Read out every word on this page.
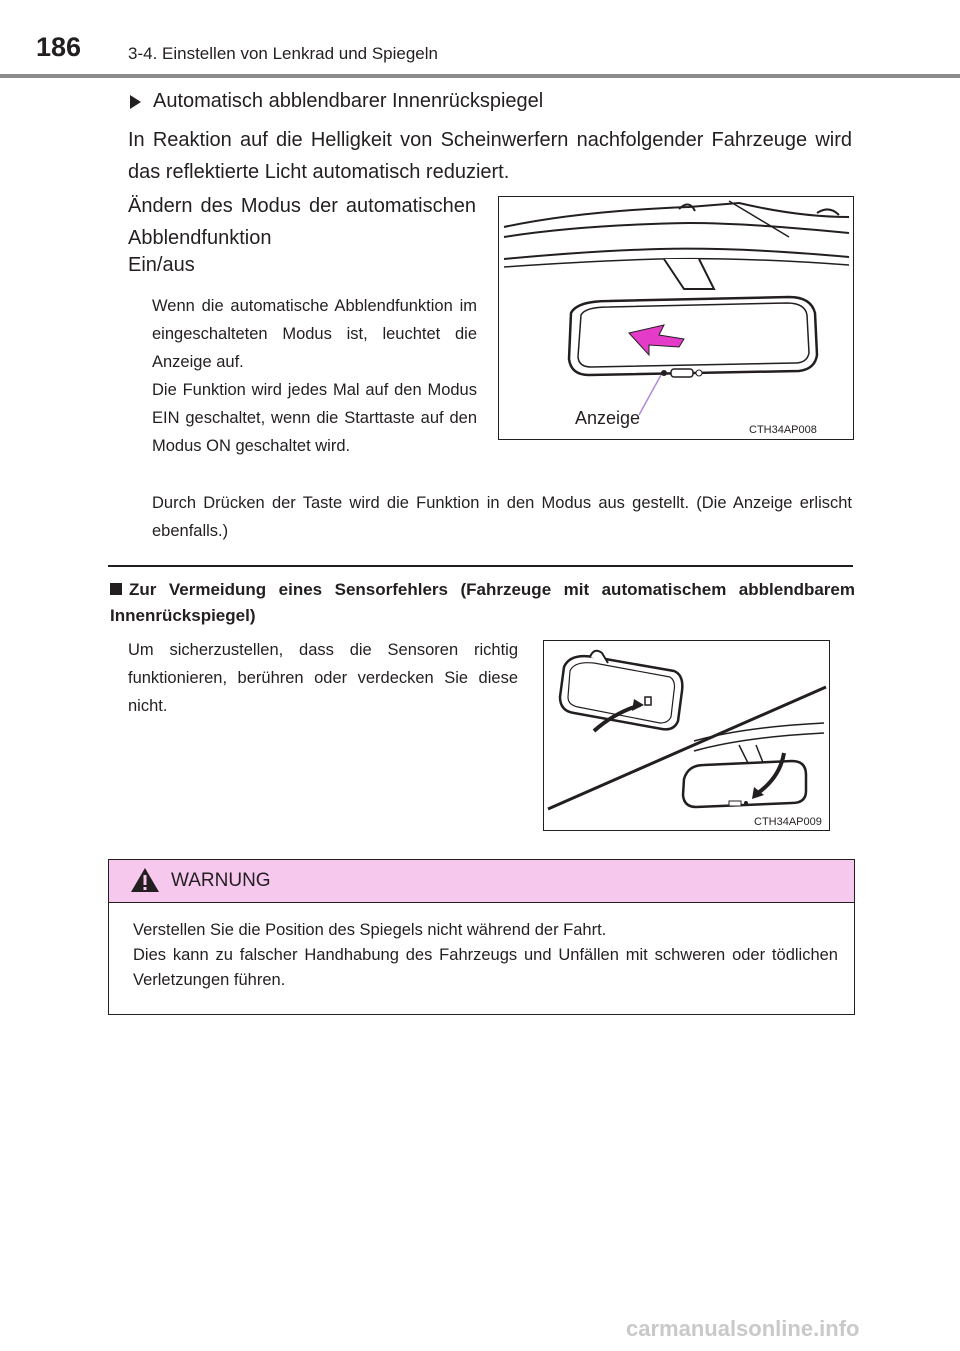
186	3-4. Einstellen von Lenkrad und Spiegeln
Automatisch abblendbarer Innenrückspiegel
In Reaktion auf die Helligkeit von Scheinwerfern nachfolgender Fahrzeuge wird das reflektierte Licht automatisch reduziert.
Ändern des Modus der automatischen Abblendfunktion
Ein/aus
Wenn die automatische Abblendfunktion im eingeschalteten Modus ist, leuchtet die Anzeige auf.
Die Funktion wird jedes Mal auf den Modus EIN geschaltet, wenn die Starttaste auf den Modus ON geschaltet wird.
Durch Drücken der Taste wird die Funktion in den Modus aus gestellt. (Die Anzeige erlischt ebenfalls.)
Anzeige
CTH34AP008
Zur Vermeidung eines Sensorfehlers (Fahrzeuge mit automatischem abblendbarem Innenrückspiegel)
Um sicherzustellen, dass die Sensoren richtig funktionieren, berühren oder verdecken Sie diese nicht.
CTH34AP009
WARNUNG
Verstellen Sie die Position des Spiegels nicht während der Fahrt.
Dies kann zu falscher Handhabung des Fahrzeugs und Unfällen mit schweren oder tödlichen Verletzungen führen.
carmanualsonline.info
